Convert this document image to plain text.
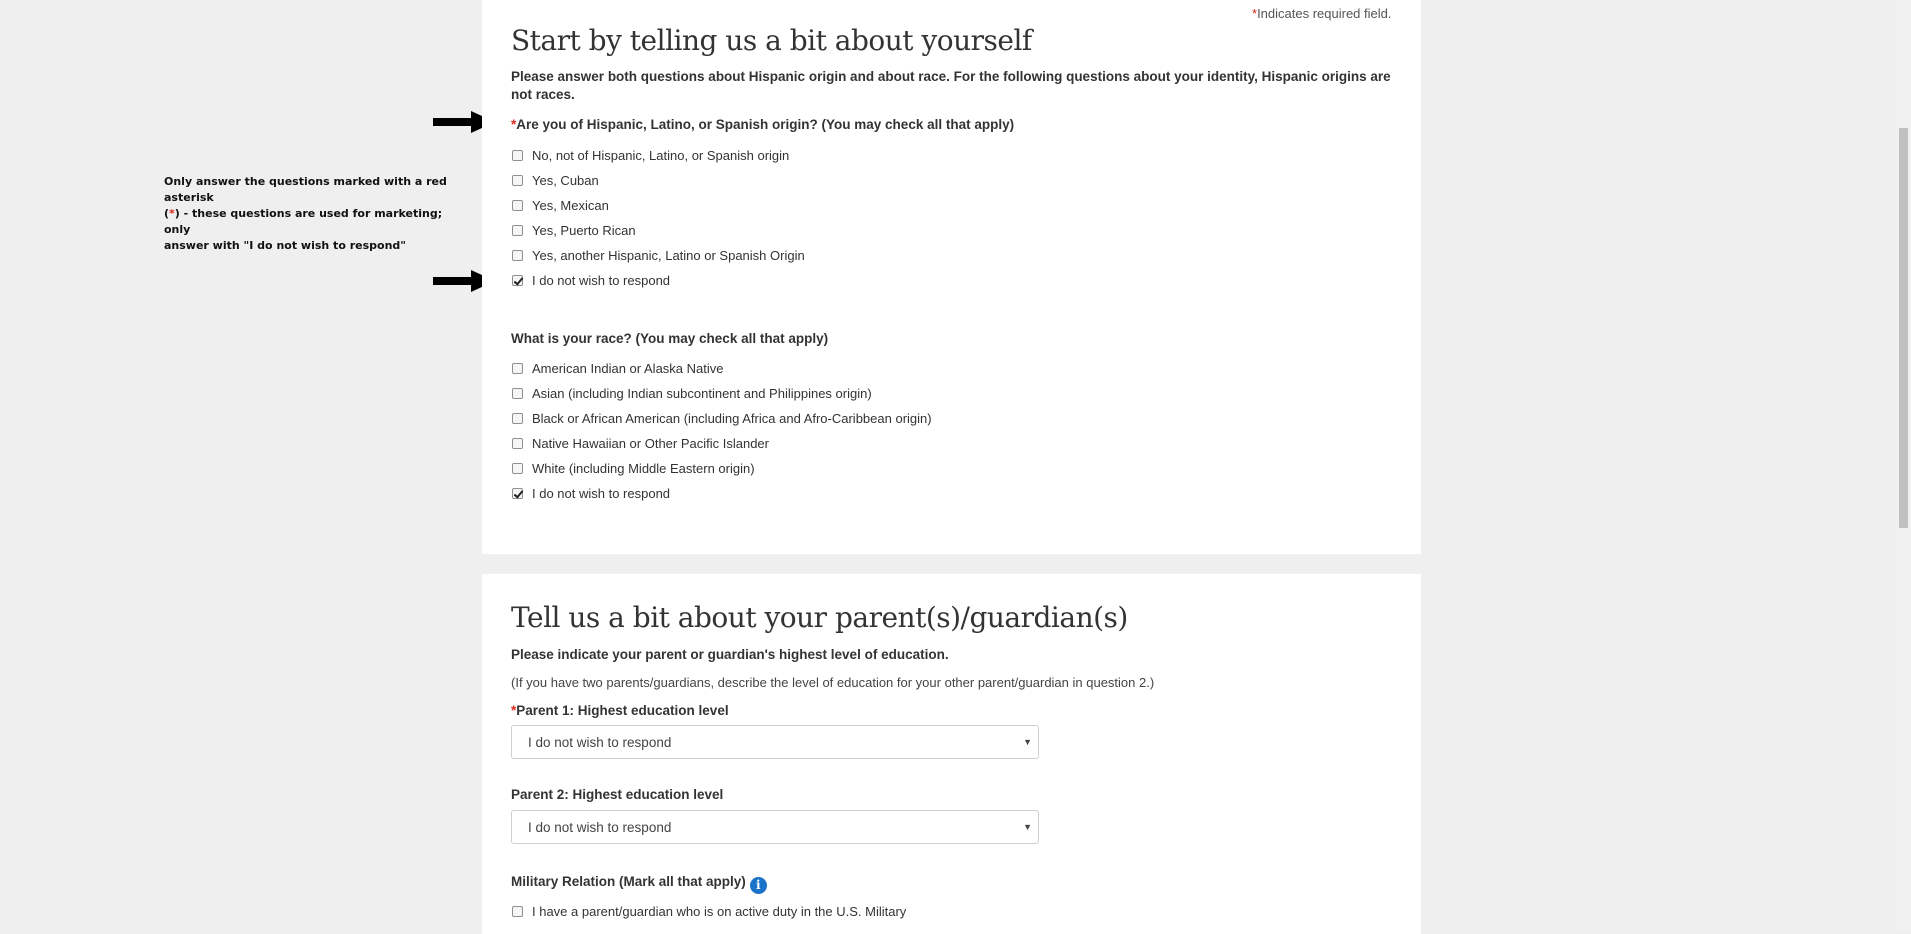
Only answer the questions marked with a red asterisk
(*) - these questions are used for marketing; only
answer with "I do not wish to respond"
*Indicates required field.
Start by telling us a bit about yourself
Please answer both questions about Hispanic origin and about race. For the following questions about your identity, Hispanic origins are not races.
*Are you of Hispanic, Latino, or Spanish origin? (You may check all that apply)
No, not of Hispanic, Latino, or Spanish origin
Yes, Cuban
Yes, Mexican
Yes, Puerto Rican
Yes, another Hispanic, Latino or Spanish Origin
I do not wish to respond
What is your race? (You may check all that apply)
American Indian or Alaska Native
Asian (including Indian subcontinent and Philippines origin)
Black or African American (including Africa and Afro-Caribbean origin)
Native Hawaiian or Other Pacific Islander
White (including Middle Eastern origin)
I do not wish to respond
Tell us a bit about your parent(s)/guardian(s)
Please indicate your parent or guardian's highest level of education.
(If you have two parents/guardians, describe the level of education for your other parent/guardian in question 2.)
*Parent 1: Highest education level
I do not wish to respond	▼
Parent 2: Highest education level
I do not wish to respond	▼
Military Relation (Mark all that apply) i
I have a parent/guardian who is on active duty in the U.S. Military
